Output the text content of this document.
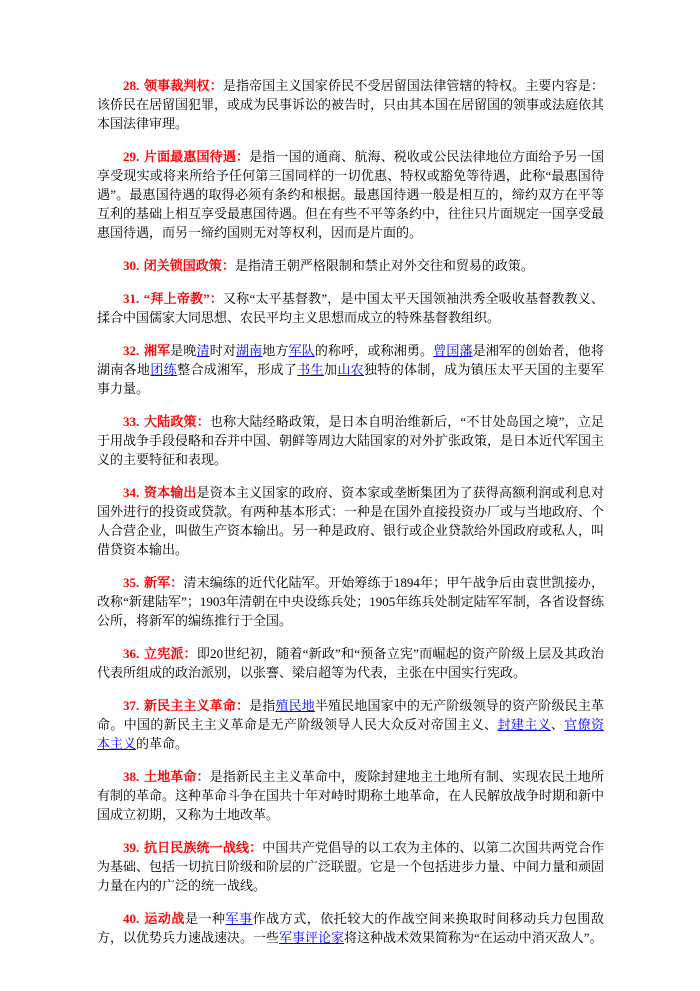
28. 领事裁判权：是指帝国主义国家侨民不受居留国法律管辖的特权。主要内容是：该侨民在居留国犯罪，或成为民事诉讼的被告时，只由其本国在居留国的领事或法庭依其本国法律审理。

29. 片面最惠国待遇：是指一国的通商、航海、税收或公民法律地位方面给予另一国享受现实或将来所给予任何第三国同样的一切优惠、特权或豁免等待遇，此称“最惠国待遇”。最惠国待遇的取得必须有条约和根据。最惠国待遇一般是相互的，缔约双方在平等互利的基础上相互享受最惠国待遇。但在有些不平等条约中，往往只片面规定一国享受最惠国待遇，而另一缔约国则无对等权利，因而是片面的。

30. 闭关锁国政策：是指清王朝严格限制和禁止对外交往和贸易的政策。

31. “拜上帝教”：又称“太平基督教”，是中国太平天国领袖洪秀全吸收基督教教义、揉合中国儒家大同思想、农民平均主义思想而成立的特殊基督教组织。

32. 湘军是晚清时对湖南地方军队的称呼，或称湘勇。曾国藩是湘军的创始者，他将湖南各地团练整合成湘军，形成了书生加山农独特的体制，成为镇压太平天国的主要军事力量。

33. 大陆政策：也称大陆经略政策，是日本自明治维新后，“不甘处岛国之境”，立足于用战争手段侵略和吞并中国、朝鲜等周边大陆国家的对外扩张政策，是日本近代军国主义的主要特征和表现。

34. 资本输出是资本主义国家的政府、资本家或垄断集团为了获得高额利润或利息对国外进行的投资或贷款。有两种基本形式：一种是在国外直接投资办厂或与当地政府、个人合营企业，叫做生产资本输出。另一种是政府、银行或企业贷款给外国政府或私人，叫借贷资本输出。

35. 新军：清末编练的近代化陆军。开始筹练于1894年；甲午战争后由袁世凯接办，改称“新建陆军”；1903年清朝在中央设练兵处；1905年练兵处制定陆军军制，各省设督练公所，将新军的编练推行于全国。

36. 立宪派：即20世纪初，随着“新政”和“预备立宪”而崛起的资产阶级上层及其政治代表所组成的政治派别，以张謇、梁启超等为代表，主张在中国实行宪政。

37. 新民主主义革命：是指殖民地半殖民地国家中的无产阶级领导的资产阶级民主革命。中国的新民主主义革命是无产阶级领导人民大众反对帝国主义、封建主义、官僚资本主义的革命。

38. 土地革命：是指新民主主义革命中，废除封建地主土地所有制、实现农民土地所有制的革命。这种革命斗争在国共十年对峙时期称土地革命，在人民解放战争时期和新中国成立初期，又称为土地改革。

39. 抗日民族统一战线：中国共产党倡导的以工农为主体的、以第二次国共两党合作为基础、包括一切抗日阶级和阶层的广泛联盟。它是一个包括进步力量、中间力量和顽固力量在内的广泛的统一战线。

40. 运动战是一种军事作战方式，依托较大的作战空间来换取时间移动兵力包围敌方，以优势兵力速战速决。一些军事评论家将这种战术效果简称为“在运动中消灭敌人”。
